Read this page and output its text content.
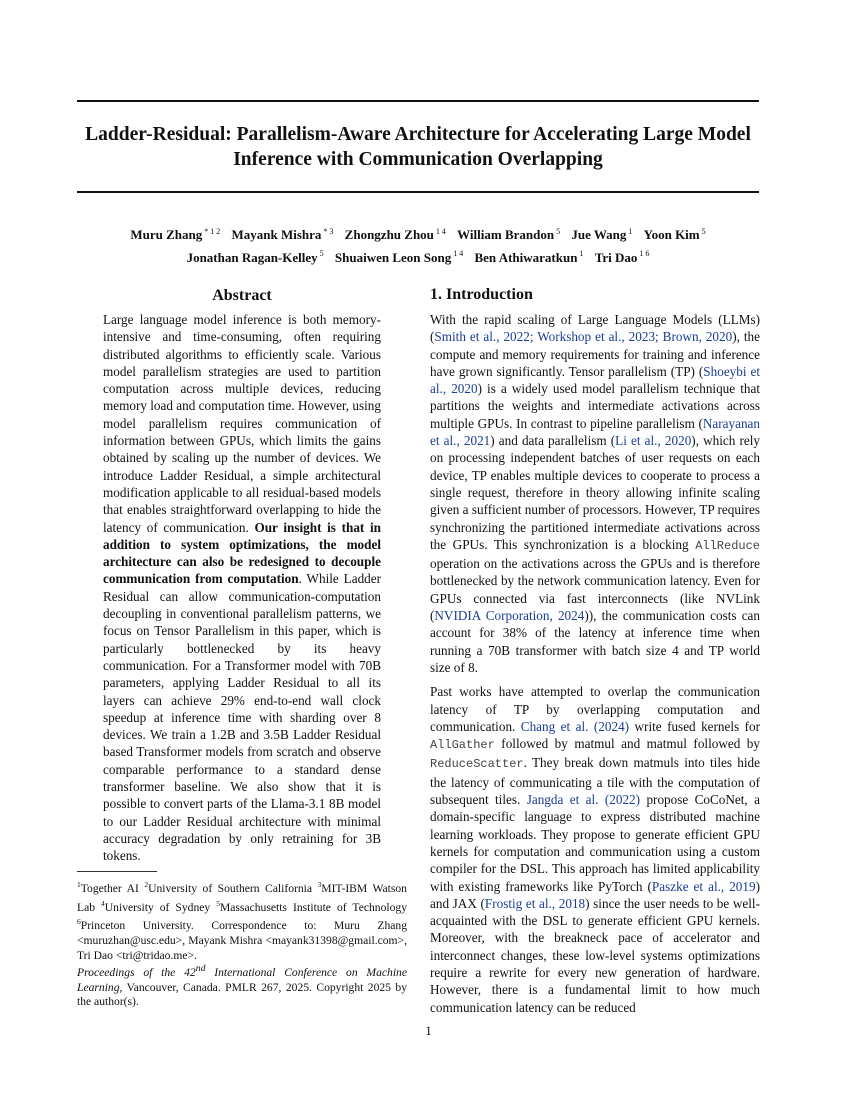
Ladder-Residual: Parallelism-Aware Architecture for Accelerating Large Model
Inference with Communication Overlapping
Muru Zhang $^{* 1 2}$ Mayank Mishra $^{* 3}$ Zhongzhu Zhou $^{1 4}$ William Brandon $^5$ Jue Wang $^1$ Yoon Kim $^5$
Jonathan Ragan-Kelley $^5$ Shuaiwen Leon Song $^{1 4}$ Ben Athiwaratkun $^1$ Tri Dao $^{1 6}$
Abstract

Large language model inference is both memory-intensive and time-consuming, often requiring distributed algorithms to efficiently scale. Various model parallelism strategies are used to partition computation across multiple devices, reducing memory load and computation time. However, using model parallelism requires communication of information between GPUs, which limits the gains obtained by scaling up the number of devices. We introduce Ladder Residual, a simple architectural modification applicable to all residual-based models that enables straightforward overlapping to hide the latency of communication. Our insight is that in addition to system optimizations, the model architecture can also be redesigned to decouple communication from computation. While Ladder Residual can allow communication-computation decoupling in conventional parallelism patterns, we focus on Tensor Parallelism in this paper, which is particularly bottlenecked by its heavy communication. For a Transformer model with 70B parameters, applying Ladder Residual to all its layers can achieve 29% end-to-end wall clock speedup at inference time with sharding over 8 devices. We train a 1.2B and 3.5B Ladder Residual based Transformer models from scratch and observe comparable performance to a standard dense transformer baseline. We also show that it is possible to convert parts of the Llama-3.1 8B model to our Ladder Residual architecture with minimal accuracy degradation by only retraining for 3B tokens.

$^1$Together AI $^2$University of Southern California $^3$MIT-IBM Watson Lab $^4$University of Sydney $^5$Massachusetts Institute of Technology $^6$Princeton University. Correspondence to: Muru Zhang <muruzhan@usc.edu>, Mayank Mishra <mayank31398@gmail.com>, Tri Dao <tri@tridao.me>.
Proceedings of the 42nd International Conference on Machine Learning, Vancouver, Canada. PMLR 267, 2025. Copyright 2025 by the author(s).
1. Introduction

With the rapid scaling of Large Language Models (LLMs) (Smith et al., 2022; Workshop et al., 2023; Brown, 2020), the compute and memory requirements for training and inference have grown significantly. Tensor parallelism (TP) (Shoeybi et al., 2020) is a widely used model parallelism technique that partitions the weights and intermediate activations across multiple GPUs. In contrast to pipeline parallelism (Narayanan et al., 2021) and data parallelism (Li et al., 2020), which rely on processing independent batches of user requests on each device, TP enables multiple devices to cooperate to process a single request, therefore in theory allowing infinite scaling given a sufficient number of processors. However, TP requires synchronizing the partitioned intermediate activations across the GPUs. This synchronization is a blocking AllReduce operation on the activations across the GPUs and is therefore bottlenecked by the network communication latency. Even for GPUs connected via fast interconnects (like NVLink (NVIDIA Corporation, 2024)), the communication costs can account for 38% of the latency at inference time when running a 70B transformer with batch size 4 and TP world size of 8.

Past works have attempted to overlap the communication latency of TP by overlapping computation and communication. Chang et al. (2024) write fused kernels for AllGather followed by matmul and matmul followed by ReduceScatter. They break down matmuls into tiles hide the latency of communicating a tile with the computation of subsequent tiles. Jangda et al. (2022) propose CoCoNet, a domain-specific language to express distributed machine learning workloads. They propose to generate efficient GPU kernels for computation and communication using a custom compiler for the DSL. This approach has limited applicability with existing frameworks like PyTorch (Paszke et al., 2019) and JAX (Frostig et al., 2018) since the user needs to be well-acquainted with the DSL to generate efficient GPU kernels. Moreover, with the breakneck pace of accelerator and interconnect changes, these low-level systems optimizations require a rewrite for every new generation of hardware. However, there is a fundamental limit to how much communication latency can be reduced

1
